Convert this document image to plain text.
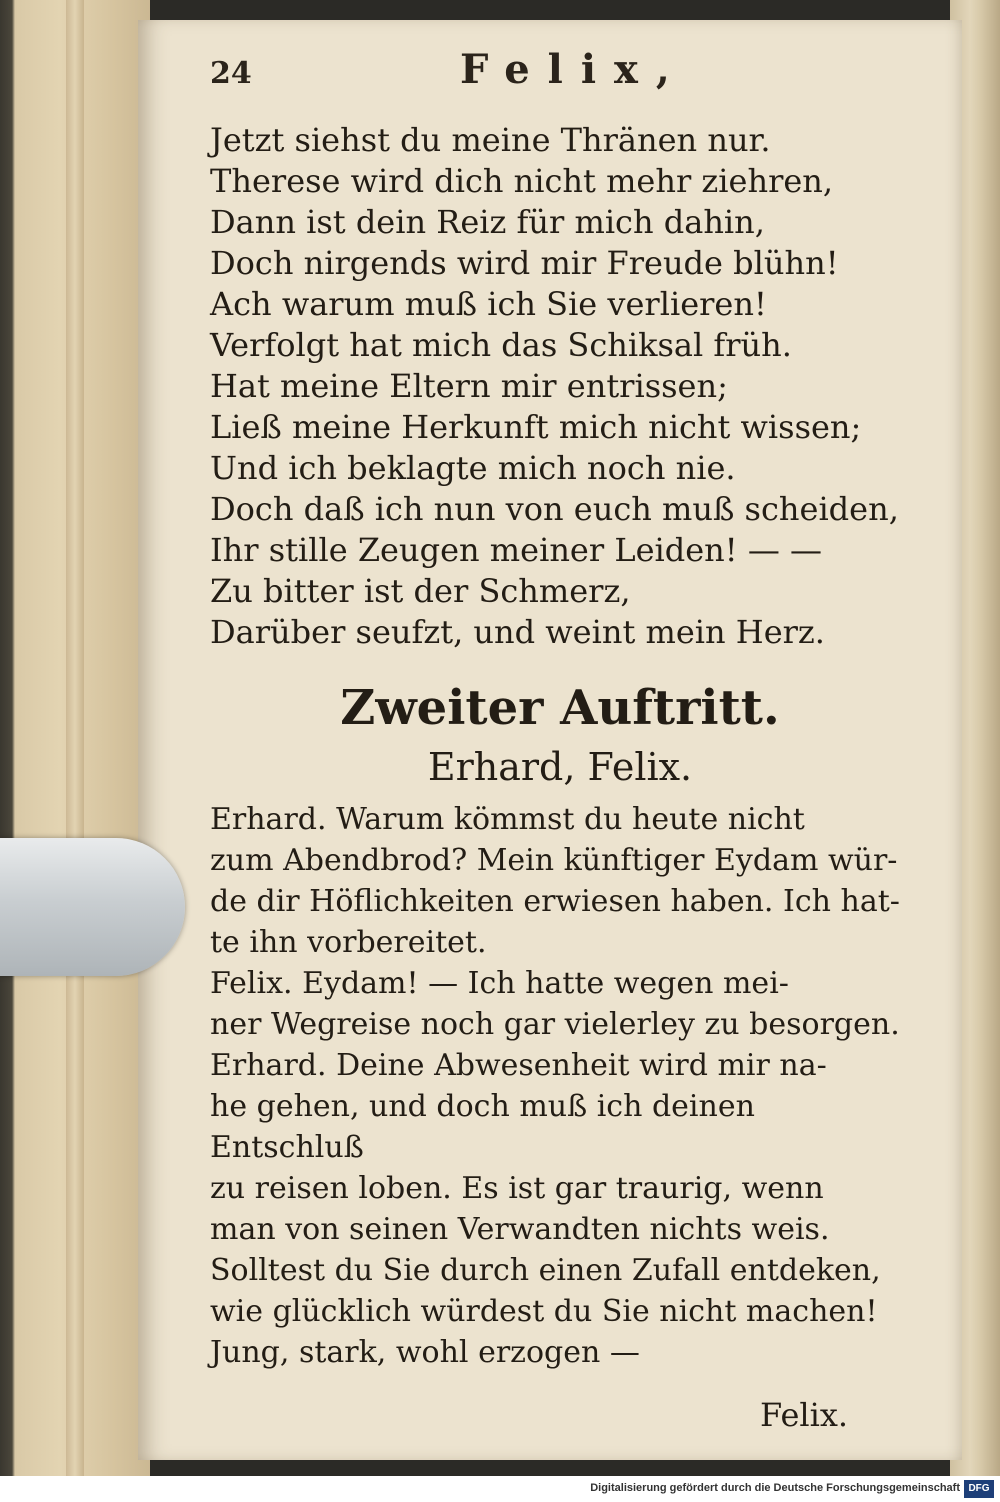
24	Felix,
Jetzt siehst du meine Thränen nur.
Therese wird dich nicht mehr ziehren,
Dann ist dein Reiz für mich dahin,
Doch nirgends wird mir Freude blühn!
Ach warum muß ich Sie verlieren!
Verfolgt hat mich das Schiksal früh.
Hat meine Eltern mir entrissen;
Ließ meine Herkunft mich nicht wissen;
Und ich beklagte mich noch nie.
Doch daß ich nun von euch muß scheiden,
Ihr stille Zeugen meiner Leiden! — —
Zu bitter ist der Schmerz,
Darüber seufzt, und weint mein Herz.
Zweiter Auftritt.
Erhard, Felix.

Erhard. Warum kömmst du heute nicht

zum Abendbrod? Mein künftiger Eydam wür-

de dir Höflichkeiten erwiesen haben. Ich hat-

te ihn vorbereitet.

Felix. Eydam! — Ich hatte wegen mei-

ner Wegreise noch gar vielerley zu besorgen.

Erhard. Deine Abwesenheit wird mir na-

he gehen, und doch muß ich deinen Entschluß

zu reisen loben. Es ist gar traurig, wenn

man von seinen Verwandten nichts weis.

Solltest du Sie durch einen Zufall entdeken,

wie glücklich würdest du Sie nicht machen!

Jung, stark, wohl erzogen —

Felix.
Digitalisierung gefördert durch die Deutsche Forschungsgemeinschaft DFG
